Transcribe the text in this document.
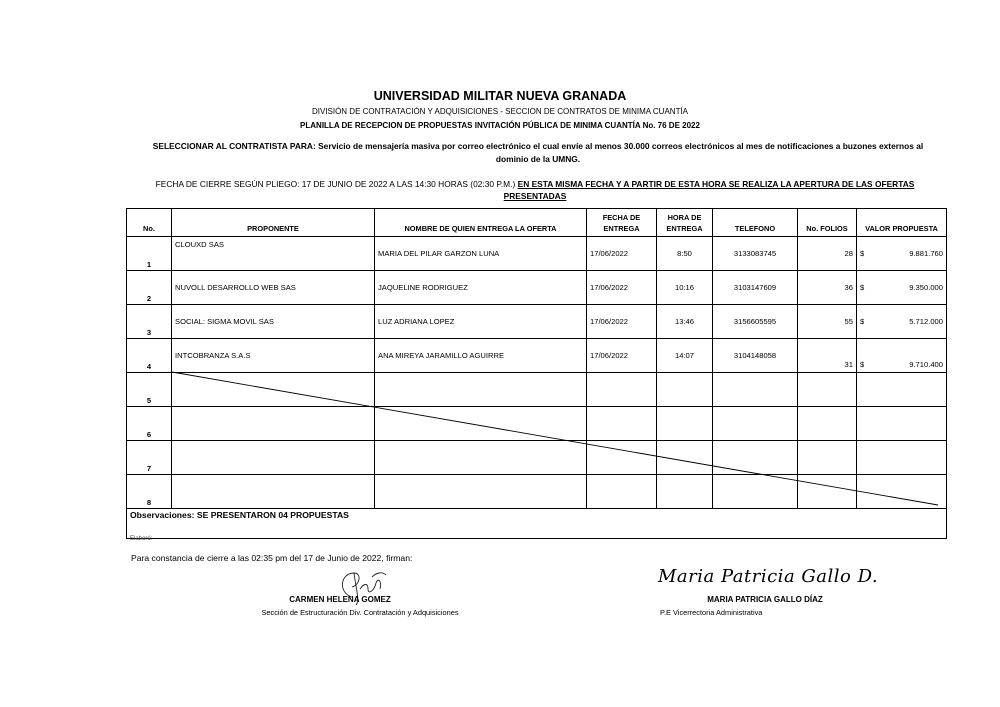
UNIVERSIDAD MILITAR NUEVA GRANADA
DIVISIÓN DE CONTRATACIÓN Y ADQUISICIONES - SECCION DE CONTRATOS DE MINIMA CUANTÍA
PLANILLA DE RECEPCION DE PROPUESTAS INVITACIÓN PÚBLICA DE MINIMA CUANTÍA No. 76 DE 2022
SELECCIONAR AL CONTRATISTA PARA: Servicio de mensajería masiva por correo electrónico el cual envíe al menos 30.000 correos electrónicos al mes de notificaciones a buzones externos al dominio de la UMNG.
FECHA DE CIERRE SEGÚN PLIEGO: 17 DE JUNIO DE 2022 A LAS 14:30 HORAS (02:30 P.M.) EN ESTA MISMA FECHA Y A PARTIR DE ESTA HORA SE REALIZA LA APERTURA DE LAS OFERTAS PRESENTADAS
No.	PROPONENTE	NOMBRE DE QUIEN ENTREGA LA OFERTA	FECHA DE ENTREGA	HORA DE ENTREGA	TELEFONO	No. FOLIOS	VALOR PROPUESTA
1	CLOUXD SAS	MARIA DEL PILAR GARZON LUNA	17/06/2022	8:50	3133083745	28	$ 9.881.760

2	NUVOLL DESARROLLO WEB SAS	JAQUELINE RODRIGUEZ	17/06/2022	10:16	3103147609	36	$ 9.350.000

3	SOCIAL: SIGMA MOVIL SAS	LUZ ADRIANA LOPEZ	17/06/2022	13:46	3156605595	55	$ 5.712.000

4	INTCOBRANZA S.A.S	ANA MIREYA JARAMILLO AGUIRRE	17/06/2022	14:07	3104148058	31	$ 9.710.400

5							
6							
7							
8							
Observaciones: SE PRESENTARON 04 PROPUESTAS							
Elaboró:
Para constancia de cierre a las 02:35 pm del 17 de Junio de 2022, firman:
CARMEN HELENA GOMEZ
Sección de Estructuración Div. Contratación y Adquisiciones
Maria Patricia Gallo D.
MARIA PATRICIA GALLO DÍAZ
P.E Vicerrectoria Administrativa
